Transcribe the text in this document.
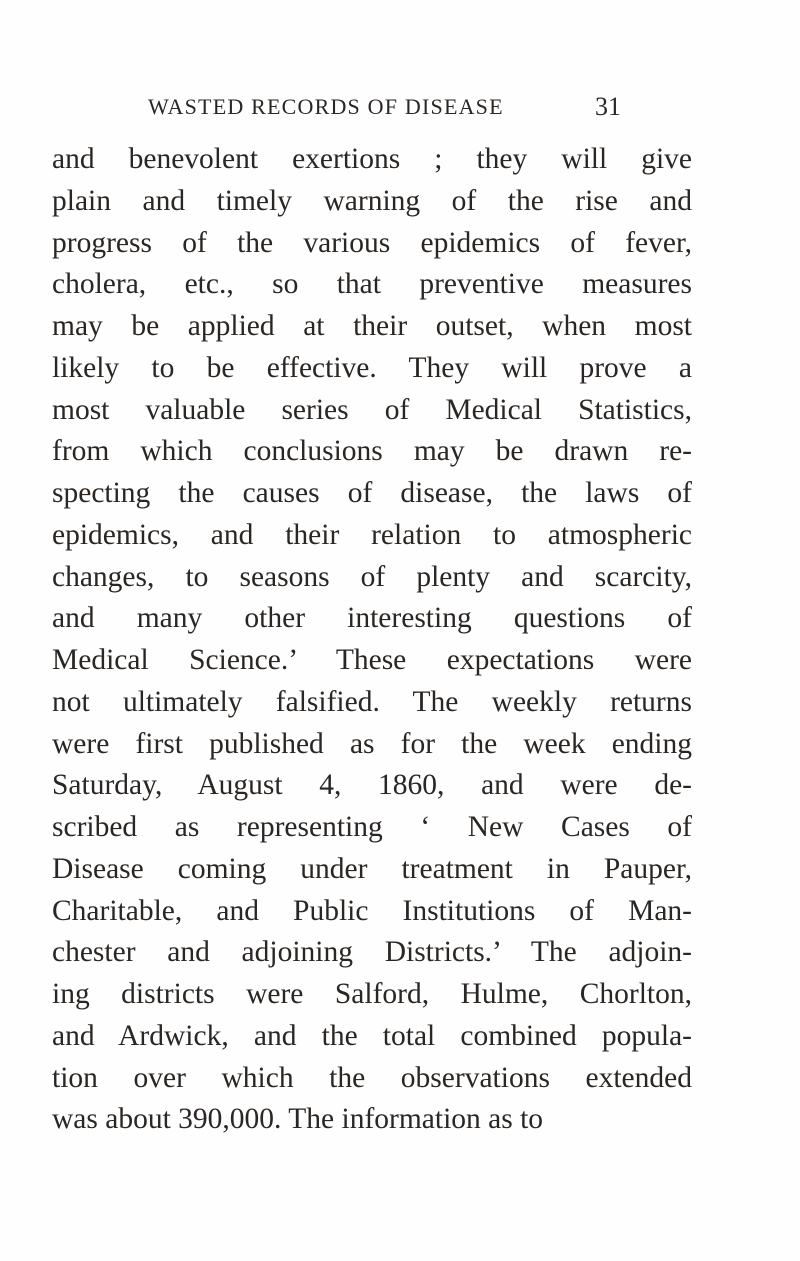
WASTED RECORDS OF DISEASE	31
and benevolent exertions ; they will give
plain and timely warning of the rise and
progress of the various epidemics of fever,
cholera, etc., so that preventive measures
may be applied at their outset, when most
likely to be effective. They will prove a
most valuable series of Medical Statistics,
from which conclusions may be drawn re-
specting the causes of disease, the laws of
epidemics, and their relation to atmospheric
changes, to seasons of plenty and scarcity,
and many other interesting questions of
Medical Science.’ These expectations were
not ultimately falsified. The weekly returns
were first published as for the week ending
Saturday, August 4, 1860, and were de-
scribed as representing ‘ New Cases of
Disease coming under treatment in Pauper,
Charitable, and Public Institutions of Man-
chester and adjoining Districts.’ The adjoin-
ing districts were Salford, Hulme, Chorlton,
and Ardwick, and the total combined popula-
tion over which the observations extended
was about 390,000. The information as to
